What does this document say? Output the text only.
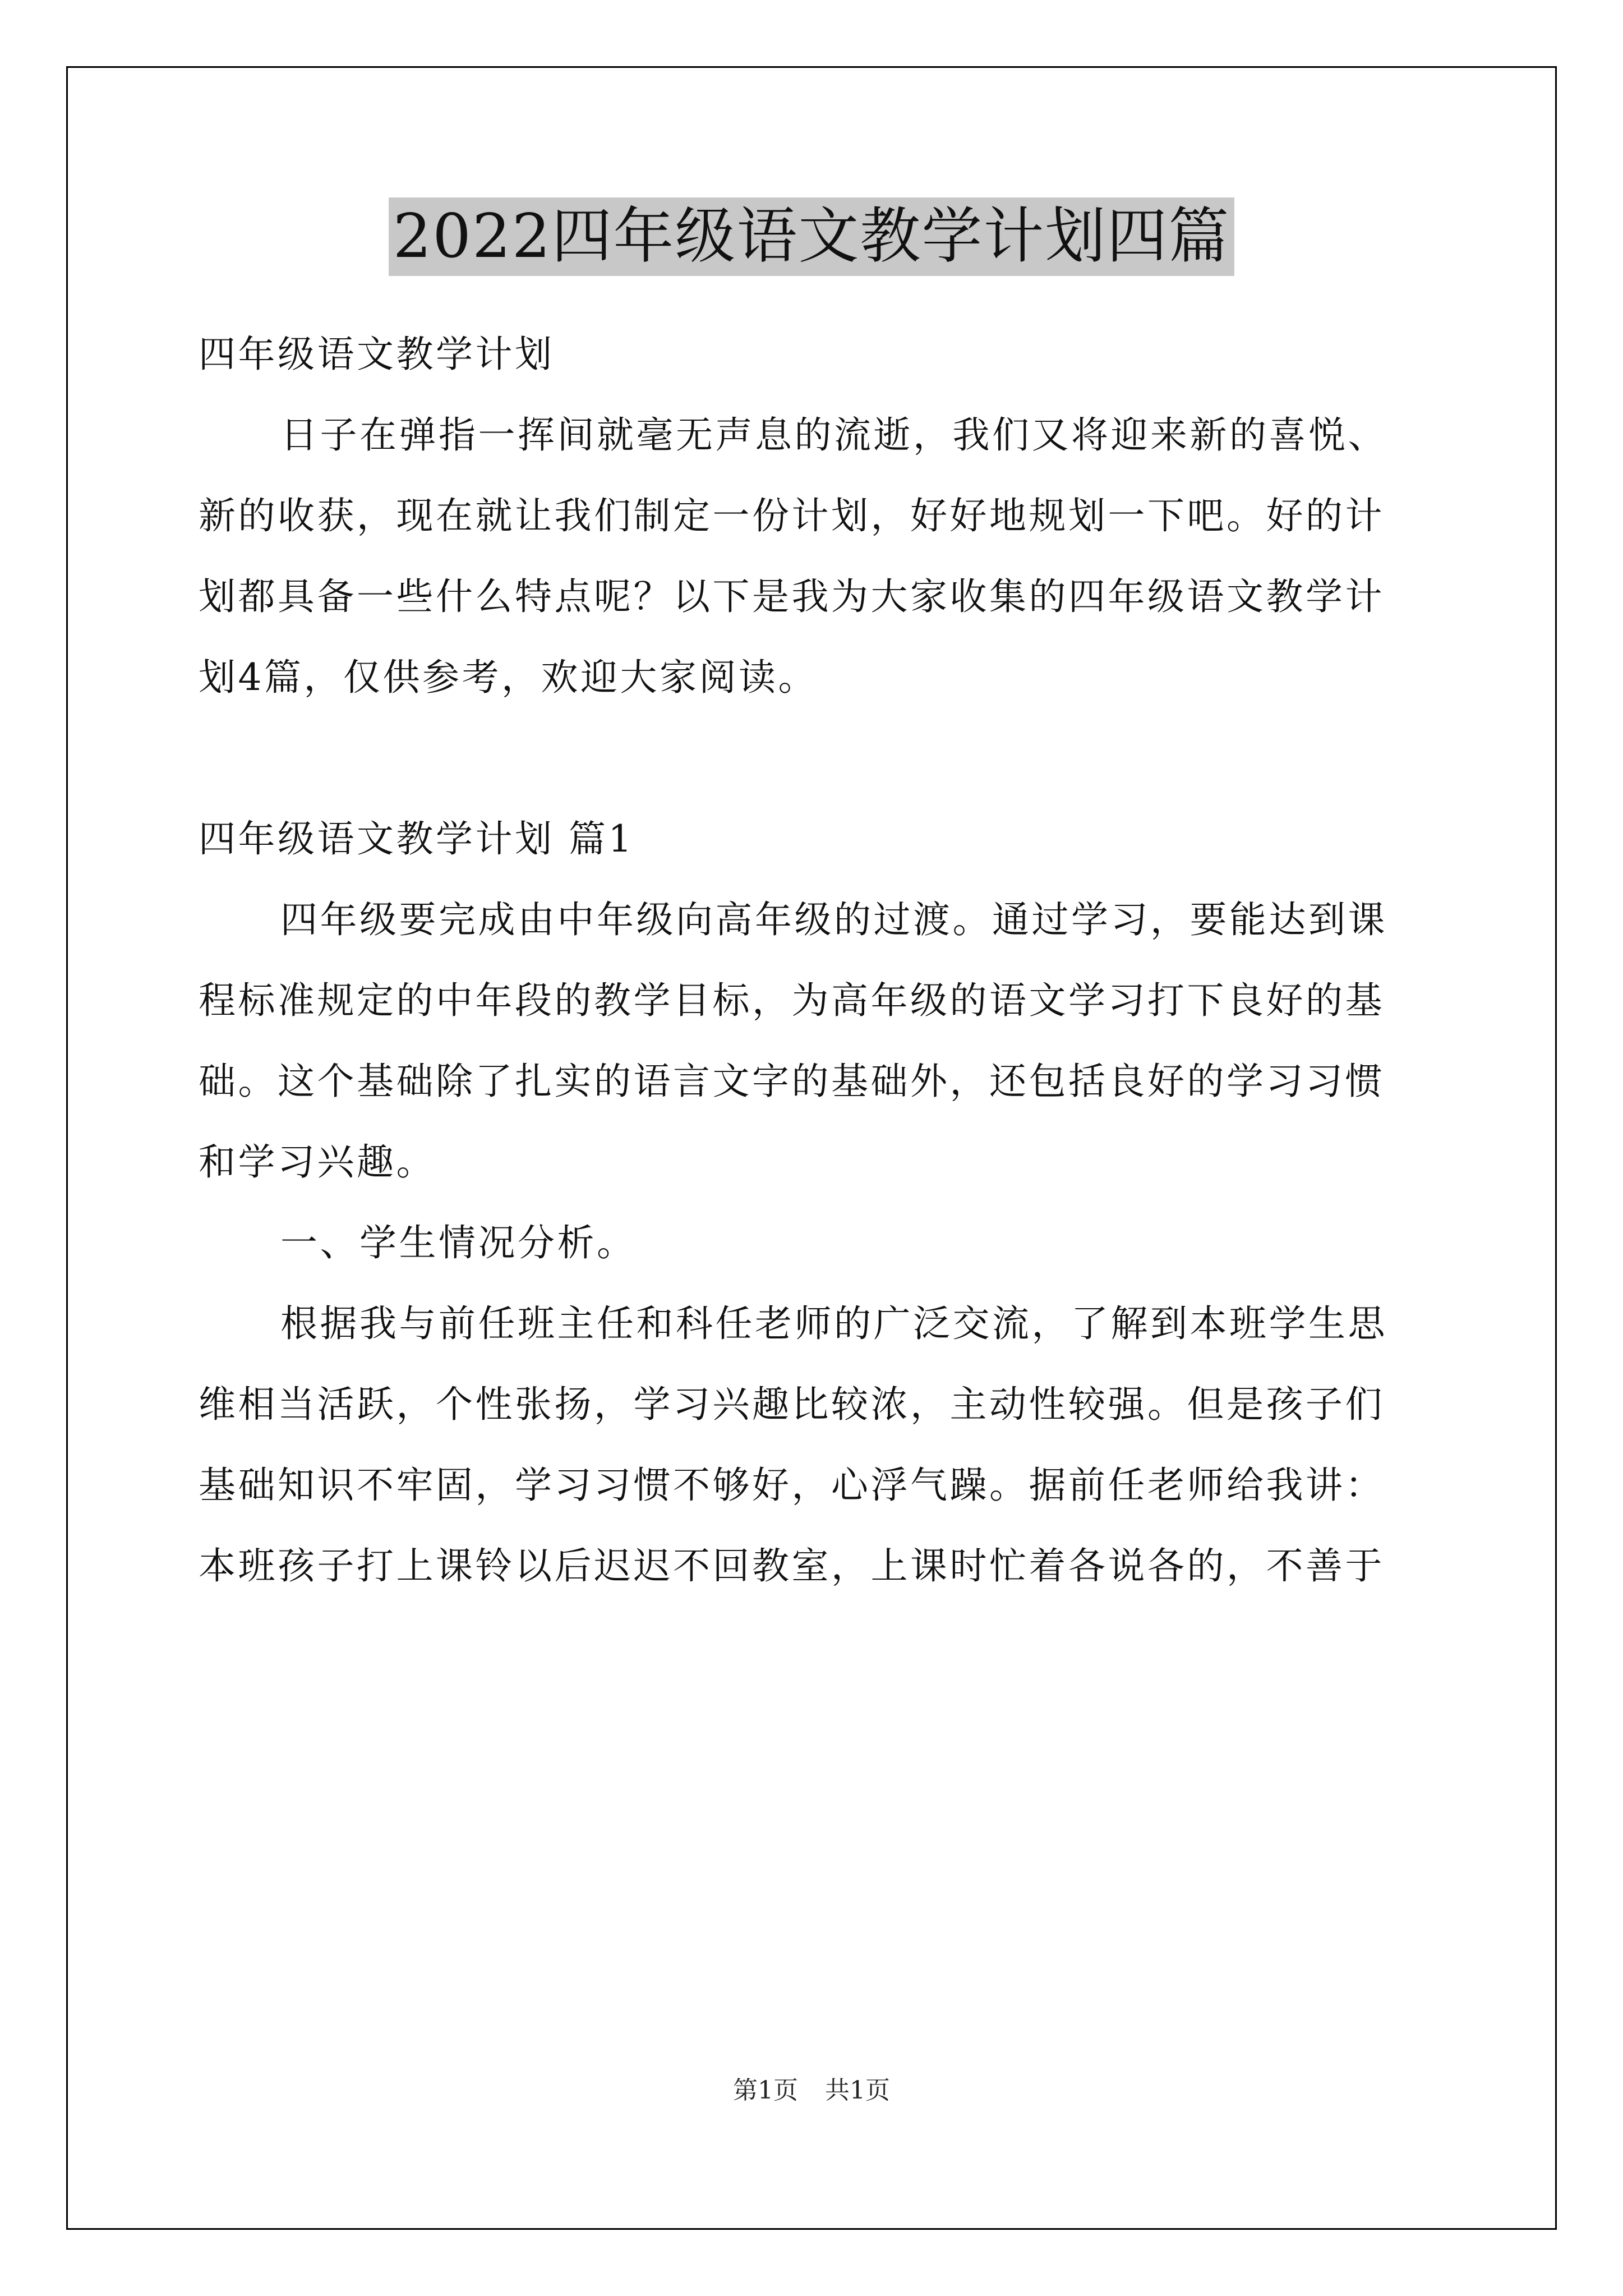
2022四年级语文教学计划四篇
四年级语文教学计划
日子在弹指一挥间就毫无声息的流逝，我们又将迎来新的喜悦、
新的收获，现在就让我们制定一份计划，好好地规划一下吧。好的计
划都具备一些什么特点呢？以下是我为大家收集的四年级语文教学计
划4篇，仅供参考，欢迎大家阅读。
四年级语文教学计划 篇1
四年级要完成由中年级向高年级的过渡。通过学习，要能达到课
程标准规定的中年段的教学目标，为高年级的语文学习打下良好的基
础。这个基础除了扎实的语言文字的基础外，还包括良好的学习习惯
和学习兴趣。
一、学生情况分析。
根据我与前任班主任和科任老师的广泛交流，了解到本班学生思
维相当活跃，个性张扬，学习兴趣比较浓，主动性较强。但是孩子们
基础知识不牢固，学习习惯不够好，心浮气躁。据前任老师给我讲：
本班孩子打上课铃以后迟迟不回教室，上课时忙着各说各的，不善于
第1页 共1页
